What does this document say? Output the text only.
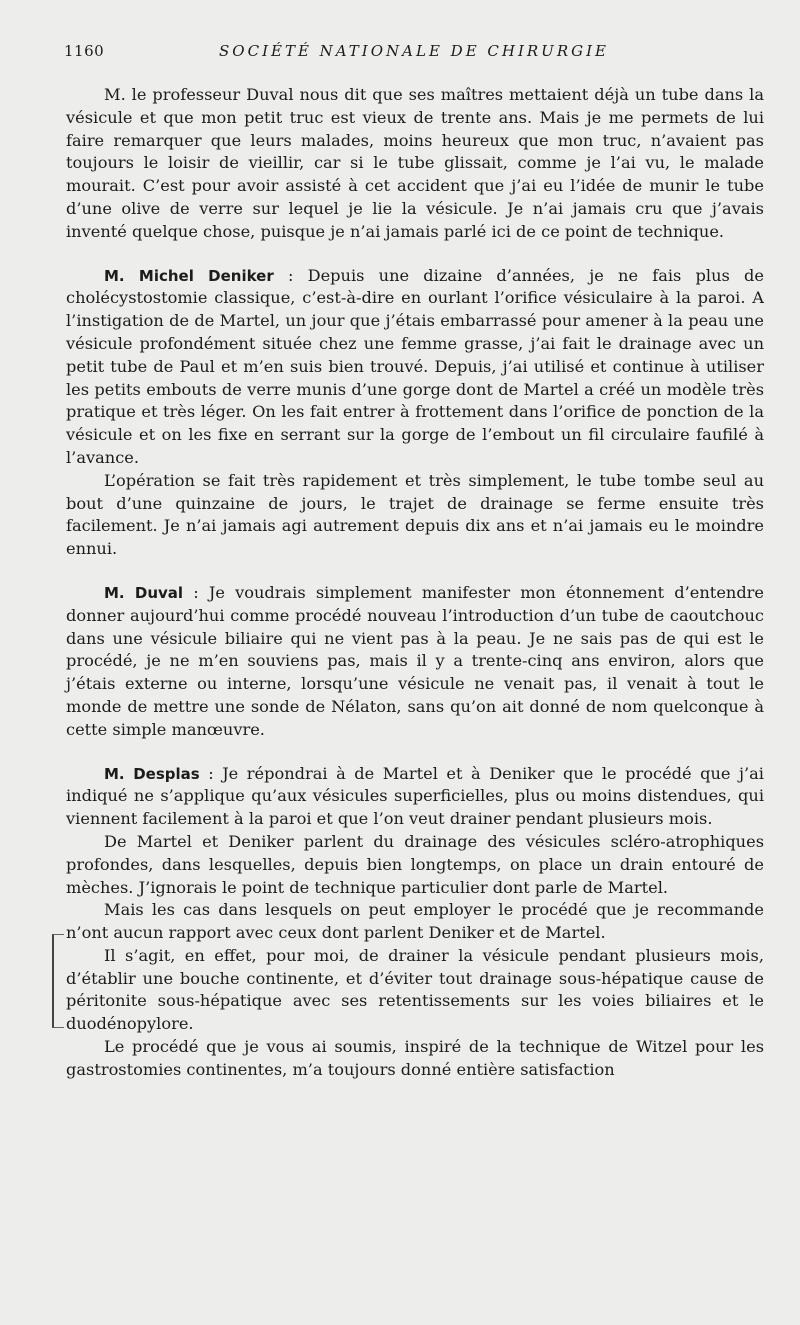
1160	SOCIÉTÉ NATIONALE DE CHIRURGIE

M. le professeur Duval nous dit que ses maîtres mettaient déjà un tube dans la vésicule et que mon petit truc est vieux de trente ans. Mais je me permets de lui faire remarquer que leurs malades, moins heureux que mon truc, n’avaient pas toujours le loisir de vieillir, car si le tube glissait, comme je l’ai vu, le malade mourait. C’est pour avoir assisté à cet accident que j’ai eu l’idée de munir le tube d’une olive de verre sur lequel je lie la vésicule. Je n’ai jamais cru que j’avais inventé quelque chose, puisque je n’ai jamais parlé ici de ce point de technique.

M. Michel Deniker : Depuis une dizaine d’années, je ne fais plus de cholécystostomie classique, c’est-à-dire en ourlant l’orifice vésiculaire à la paroi. A l’instigation de de Martel, un jour que j’étais embarrassé pour amener à la peau une vésicule profondément située chez une femme grasse, j’ai fait le drainage avec un petit tube de Paul et m’en suis bien trouvé. Depuis, j’ai utilisé et continue à utiliser les petits embouts de verre munis d’une gorge dont de Martel a créé un modèle très pratique et très léger. On les fait entrer à frottement dans l’orifice de ponction de la vésicule et on les fixe en serrant sur la gorge de l’embout un fil circulaire faufilé à l’avance.

L’opération se fait très rapidement et très simplement, le tube tombe seul au bout d’une quinzaine de jours, le trajet de drainage se ferme ensuite très facilement. Je n’ai jamais agi autrement depuis dix ans et n’ai jamais eu le moindre ennui.

M. Duval : Je voudrais simplement manifester mon étonnement d’entendre donner aujourd’hui comme procédé nouveau l’introduction d’un tube de caoutchouc dans une vésicule biliaire qui ne vient pas à la peau. Je ne sais pas de qui est le procédé, je ne m’en souviens pas, mais il y a trente-cinq ans environ, alors que j’étais externe ou interne, lorsqu’une vésicule ne venait pas, il venait à tout le monde de mettre une sonde de Nélaton, sans qu’on ait donné de nom quelconque à cette simple manœuvre.

M. Desplas : Je répondrai à de Martel et à Deniker que le procédé que j’ai indiqué ne s’applique qu’aux vésicules superficielles, plus ou moins distendues, qui viennent facilement à la paroi et que l’on veut drainer pendant plusieurs mois.

De Martel et Deniker parlent du drainage des vésicules scléro-atrophiques profondes, dans lesquelles, depuis bien longtemps, on place un drain entouré de mèches. J’ignorais le point de technique particulier dont parle de Martel.

Mais les cas dans lesquels on peut employer le procédé que je recommande n’ont aucun rapport avec ceux dont parlent Deniker et de Martel.

Il s’agit, en effet, pour moi, de drainer la vésicule pendant plusieurs mois, d’établir une bouche continente, et d’éviter tout drainage sous-hépatique cause de péritonite sous-hépatique avec ses retentissements sur les voies biliaires et le duodénopylore.

Le procédé que je vous ai soumis, inspiré de la technique de Witzel pour les gastrostomies continentes, m’a toujours donné entière satisfaction
